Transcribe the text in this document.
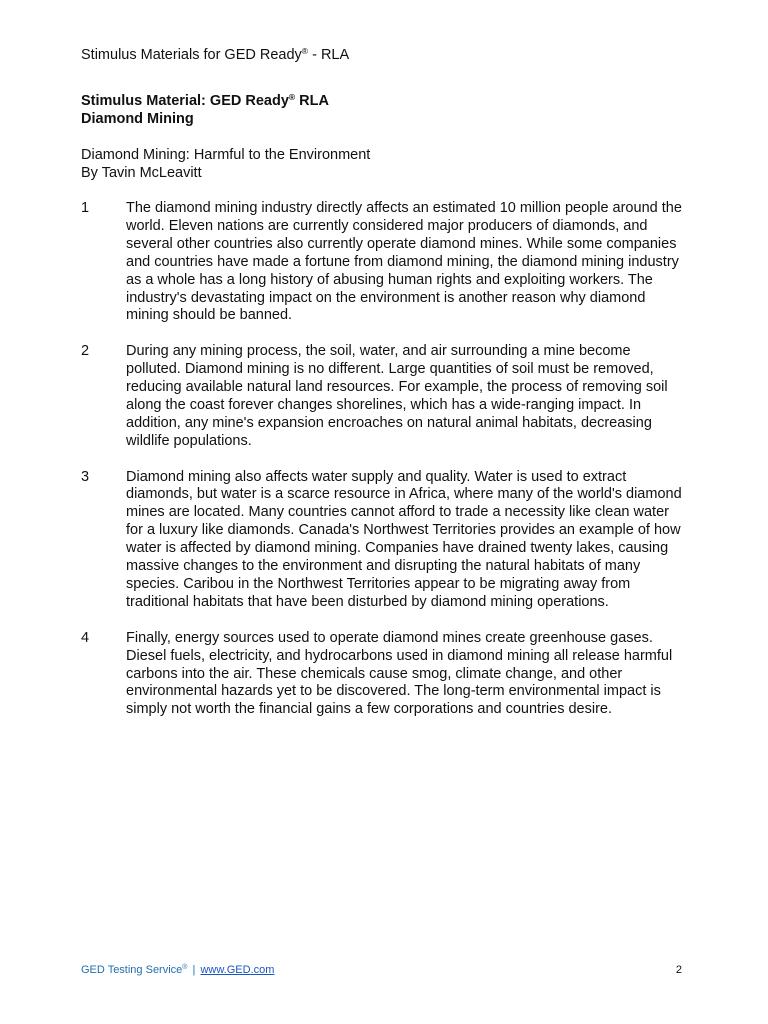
Stimulus Materials for GED Ready® - RLA
Stimulus Material: GED Ready® RLA
Diamond Mining
Diamond Mining: Harmful to the Environment
By Tavin McLeavitt
1	The diamond mining industry directly affects an estimated 10 million people around the world. Eleven nations are currently considered major producers of diamonds, and several other countries also currently operate diamond mines. While some companies and countries have made a fortune from diamond mining, the diamond mining industry as a whole has a long history of abusing human rights and exploiting workers. The industry's devastating impact on the environment is another reason why diamond mining should be banned.
2	During any mining process, the soil, water, and air surrounding a mine become polluted. Diamond mining is no different. Large quantities of soil must be removed, reducing available natural land resources. For example, the process of removing soil along the coast forever changes shorelines, which has a wide-ranging impact. In addition, any mine's expansion encroaches on natural animal habitats, decreasing wildlife populations.
3	Diamond mining also affects water supply and quality. Water is used to extract diamonds, but water is a scarce resource in Africa, where many of the world's diamond mines are located. Many countries cannot afford to trade a necessity like clean water for a luxury like diamonds. Canada's Northwest Territories provides an example of how water is affected by diamond mining. Companies have drained twenty lakes, causing massive changes to the environment and disrupting the natural habitats of many species. Caribou in the Northwest Territories appear to be migrating away from traditional habitats that have been disturbed by diamond mining operations.
4	Finally, energy sources used to operate diamond mines create greenhouse gases. Diesel fuels, electricity, and hydrocarbons used in diamond mining all release harmful carbons into the air. These chemicals cause smog, climate change, and other environmental hazards yet to be discovered. The long-term environmental impact is simply not worth the financial gains a few corporations and countries desire.
GED Testing Service® | www.GED.com	2
